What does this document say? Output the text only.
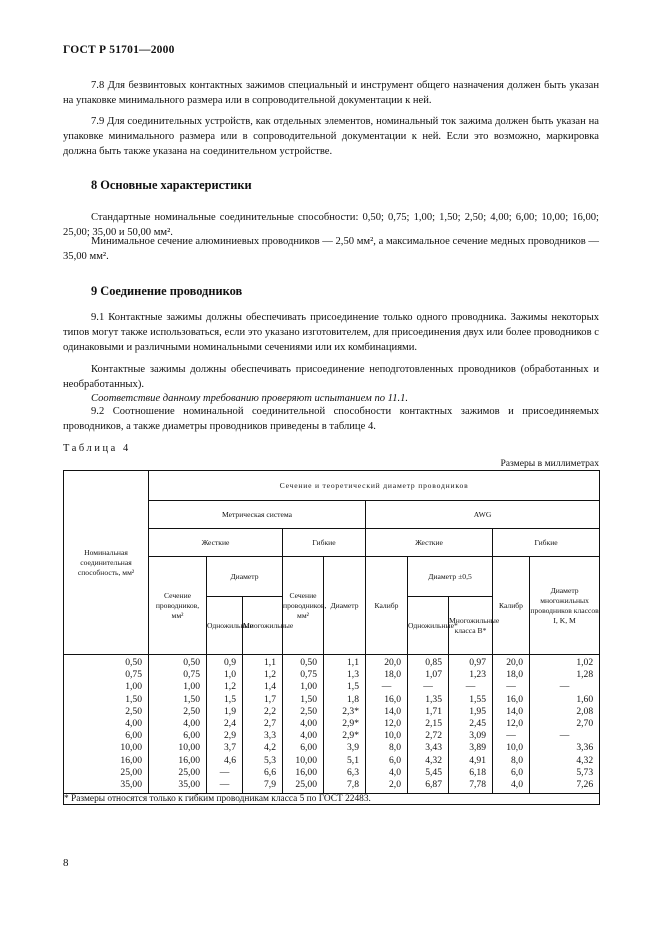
ГОСТ Р 51701—2000
7.8 Для безвинтовых контактных зажимов специальный и инструмент общего назначения должен быть указан на упаковке минимального размера или в сопроводительной документации к ней.
7.9 Для соединительных устройств, как отдельных элементов, номинальный ток зажима должен быть указан на упаковке минимального размера или в сопроводительной документации к ней. Если это возможно, маркировка должна быть также указана на соединительном устройстве.
8 Основные характеристики
Стандартные номинальные соединительные способности: 0,50; 0,75; 1,00; 1,50; 2,50; 4,00; 6,00; 10,00; 16,00; 25,00; 35,00 и 50,00 мм².
Минимальное сечение алюминиевых проводников — 2,50 мм², а максимальное сечение медных проводников — 35,00 мм².
9 Соединение проводников
9.1 Контактные зажимы должны обеспечивать присоединение только одного проводника. Зажимы некоторых типов могут также использоваться, если это указано изготовителем, для присоединения двух или более проводников с одинаковыми и различными номинальными сечениями или их комбинациями.
Контактные зажимы должны обеспечивать присоединение неподготовленных проводников (обработанных и необработанных).
Соответствие данному требованию проверяют испытанием по 11.1.
9.2 Соотношение номинальной соединительной способности контактных зажимов и присоединяемых проводников, а также диаметры проводников приведены в таблице 4.
Таблица 4
Размеры в миллиметрах
Номинальная соединительная способность, мм²	Сечение и теоретический диаметр проводников									
	Метрическая система					AWG				
	Жесткие			Гибкие		Жесткие			Гибкие	
	Сечение проводников, мм²	Диаметр		Сечение проводников, мм²	Диаметр	Калибр	Диаметр ±0,5		Калибр	Диаметр многожильных проводников классов I, K, M
		Одножильные	Многожильные				Одножильные*	Многожильные класса B*		
0,50	0,50	0,9	1,1	0,50	1,1	20,0	0,85	0,97	20,0	1,02
0,75	0,75	1,0	1,2	0,75	1,3	18,0	1,07	1,23	18,0	1,28
1,00	1,00	1,2	1,4	1,00	1,5	—	—	—	—	—
1,50	1,50	1,5	1,7	1,50	1,8	16,0	1,35	1,55	16,0	1,60
2,50	2,50	1,9	2,2	2,50	2,3*	14,0	1,71	1,95	14,0	2,08
4,00	4,00	2,4	2,7	4,00	2,9*	12,0	2,15	2,45	12,0	2,70
6,00	6,00	2,9	3,3	4,00	2,9*	10,0	2,72	3,09	—	—
10,00	10,00	3,7	4,2	6,00	3,9	8,0	3,43	3,89	10,0	3,36
16,00	16,00	4,6	5,3	10,00	5,1	6,0	4,32	4,91	8,0	4,32
25,00	25,00	—	6,6	16,00	6,3	4,0	5,45	6,18	6,0	5,73
35,00	35,00	—	7,9	25,00	7,8	2,0	6,87	7,78	4,0	7,26
* Размеры относятся только к гибким проводникам класса 5 по ГОСТ 22483.										
8
